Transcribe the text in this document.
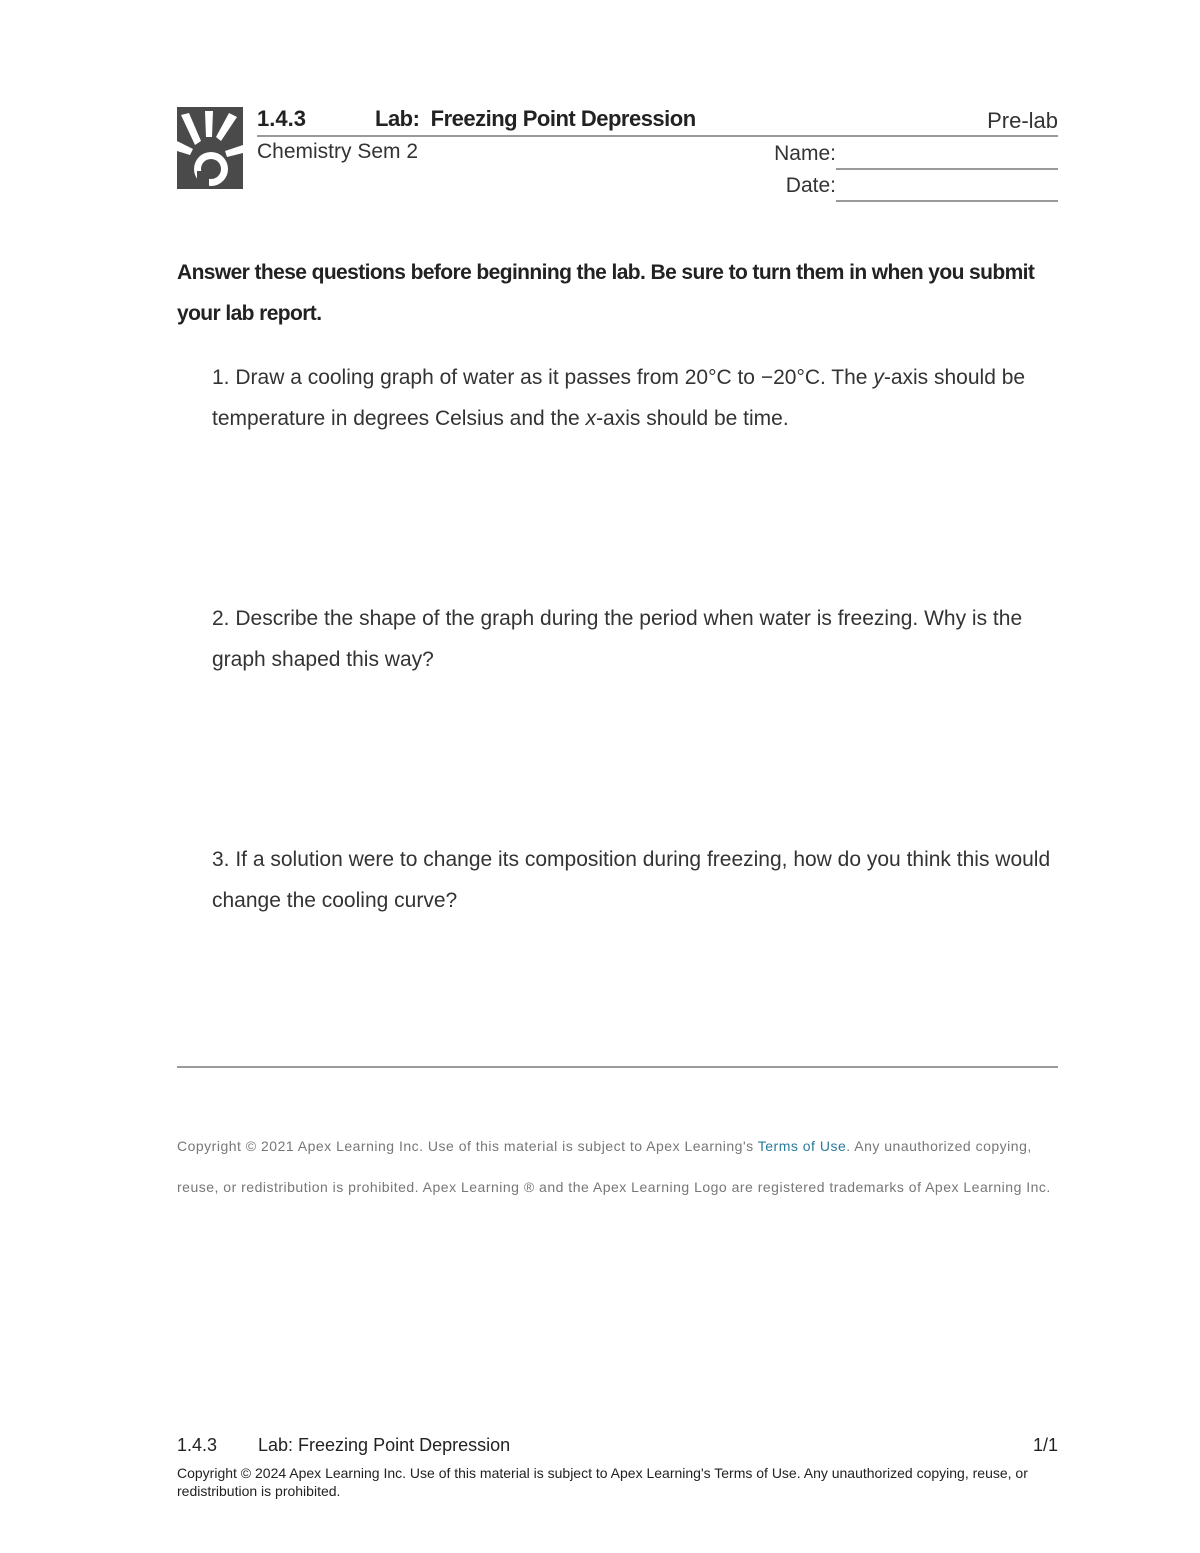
1.4.3	Lab:  Freezing Point Depression	Pre-lab
Chemistry Sem 2	Name:
Date:
Answer these questions before beginning the lab. Be sure to turn them in when you submit your lab report.
1. Draw a cooling graph of water as it passes from 20°C to −20°C. The y-axis should be temperature in degrees Celsius and the x-axis should be time.
2. Describe the shape of the graph during the period when water is freezing. Why is the graph shaped this way?
3. If a solution were to change its composition during freezing, how do you think this would change the cooling curve?
Copyright © 2021 Apex Learning Inc. Use of this material is subject to Apex Learning's Terms of Use. Any unauthorized copying, reuse, or redistribution is prohibited. Apex Learning ® and the Apex Learning Logo are registered trademarks of Apex Learning Inc.
1.4.3 Lab: Freezing Point Depression	1/1
Copyright © 2024 Apex Learning Inc. Use of this material is subject to Apex Learning's Terms of Use. Any unauthorized copying, reuse, or redistribution is prohibited.
